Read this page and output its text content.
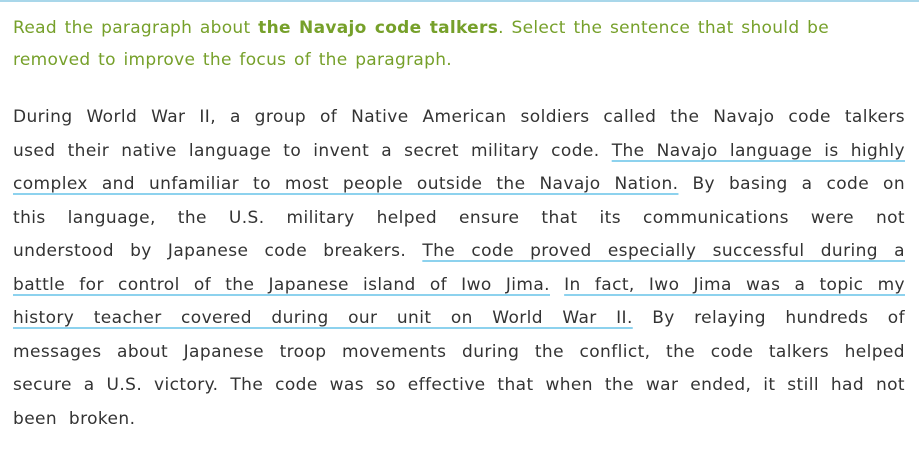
Read the paragraph about the Navajo code talkers. Select the sentence that should be removed to improve the focus of the paragraph.

During World War II, a group of Native American soldiers called the Navajo code talkers used their native language to invent a secret military code. The Navajo language is highly complex and unfamiliar to most people outside the Navajo Nation. By basing a code on this language, the U.S. military helped ensure that its communications were not understood by Japanese code breakers. The code proved especially successful during a battle for control of the Japanese island of Iwo Jima. In fact, Iwo Jima was a topic my history teacher covered during our unit on World War II. By relaying hundreds of messages about Japanese troop movements during the conflict, the code talkers helped secure a U.S. victory. The code was so effective that when the war ended, it still had not been broken.
